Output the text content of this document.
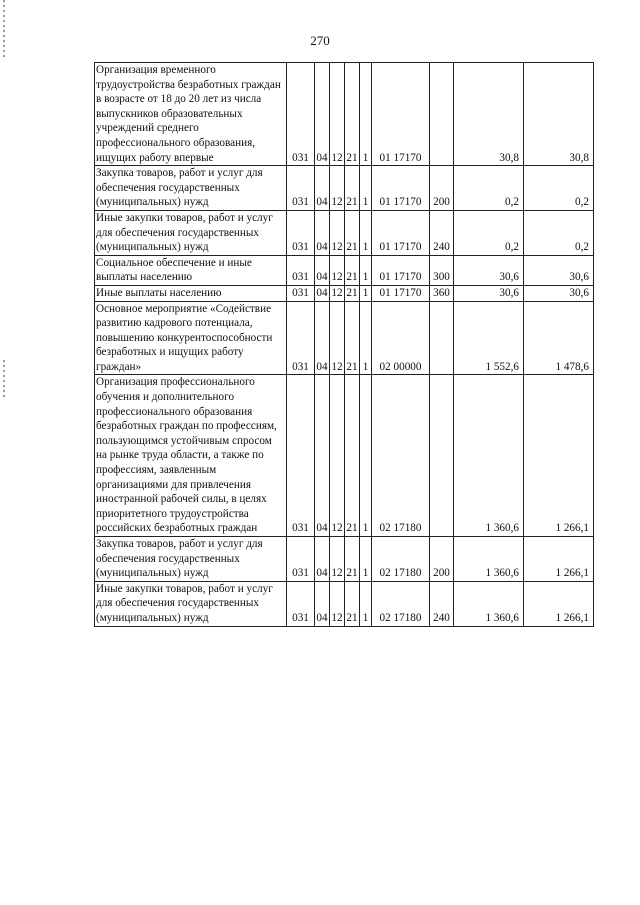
270
Организация временного трудоустройства безработных граждан в возрасте от 18 до 20 лет из числа выпускников образовательных учреждений среднего профессионального образования, ищущих работу впервые	031	04	12	21	1	01 17170		30,8	30,8

Закупка товаров, работ и услуг для обеспечения государственных (муниципальных) нужд	031	04	12	21	1	01 17170	200	0,2	0,2

Иные закупки товаров, работ и услуг для обеспечения государственных (муниципальных) нужд	031	04	12	21	1	01 17170	240	0,2	0,2

Социальное обеспечение и иные выплаты населению	031	04	12	21	1	01 17170	300	30,6	30,6

Иные выплаты населению	031	04	12	21	1	01 17170	360	30,6	30,6

Основное мероприятие «Содействие развитию кадрового потенциала, повышению конкурентоспособности безработных и ищущих работу граждан»	031	04	12	21	1	02 00000		1 552,6	1 478,6

Организация профессионального обучения и дополнительного профессионального образования безработных граждан по профессиям, пользующимся устойчивым спросом на рынке труда области, а также по профессиям, заявленным организациями для привлечения иностранной рабочей силы, в целях приоритетного трудоустройства российских безработных граждан	031	04	12	21	1	02 17180		1 360,6	1 266,1

Закупка товаров, работ и услуг для обеспечения государственных (муниципальных) нужд	031	04	12	21	1	02 17180	200	1 360,6	1 266,1

Иные закупки товаров, работ и услуг для обеспечения государственных (муниципальных) нужд	031	04	12	21	1	02 17180	240	1 360,6	1 266,1
